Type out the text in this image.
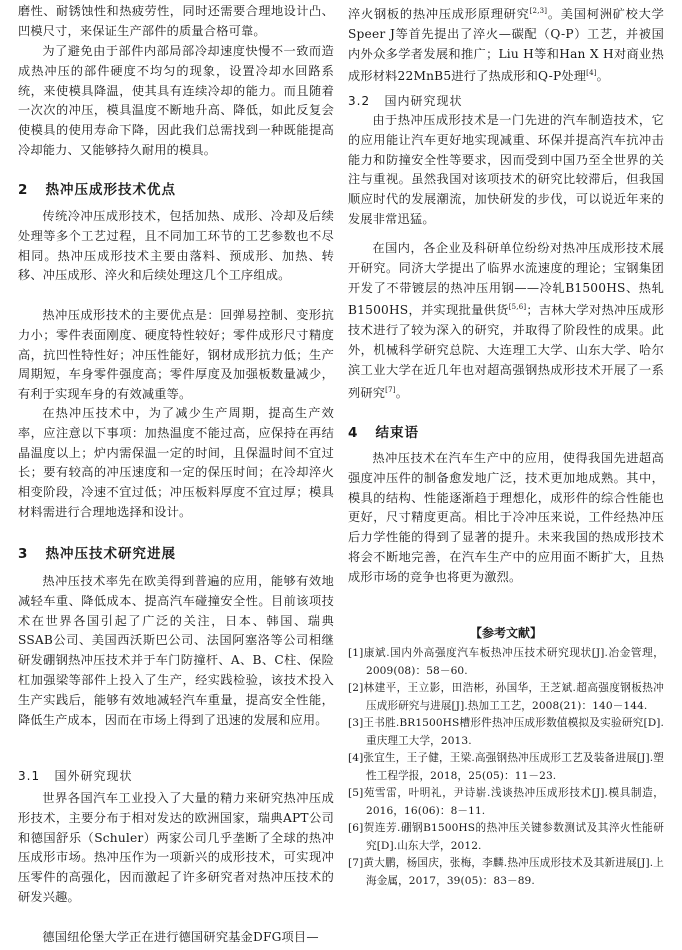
磨性、耐锈蚀性和热疲劳性，同时还需要合理地设计凸、凹模尺寸，来保证生产部件的质量合格可靠。

为了避免由于部件内部局部冷却速度快慢不一致而造成热冲压的部件硬度不均匀的现象，设置冷却水回路系统，来使模具降温，使其具有连续冷却的能力。而且随着一次次的冲压，模具温度不断地升高、降低，如此反复会使模具的使用寿命下降，因此我们总需找到一种既能提高冷却能力、又能够持久耐用的模具。

2 热冲压成形技术优点

传统冷冲压成形技术，包括加热、成形、冷却及后续处理等多个工艺过程，且不同加工环节的工艺参数也不尽相同。热冲压成形技术主要由落料、预成形、加热、转移、冲压成形、淬火和后续处理这几个工序组成。

热冲压成形技术的主要优点是：回弹易控制、变形抗力小；零件表面刚度、硬度特性较好；零件成形尺寸精度高，抗凹性特性好；冲压性能好，钢材成形抗力低；生产周期短，车身零件强度高；零件厚度及加强板数量减少，有利于实现车身的有效减重等。

在热冲压技术中，为了减少生产周期，提高生产效率，应注意以下事项：加热温度不能过高，应保持在再结晶温度以上；炉内需保温一定的时间，且保温时间不宜过长；要有较高的冲压速度和一定的保压时间；在冷却淬火相变阶段，冷速不宜过低；冲压板料厚度不宜过厚；模具材料需进行合理地选择和设计。

3 热冲压技术研究进展

热冲压技术率先在欧美得到普遍的应用，能够有效地减轻车重、降低成本、提高汽车碰撞安全性。目前该项技术在世界各国引起了广泛的关注，日本、韩国、瑞典SSAB公司、美国西沃斯巴公司、法国阿塞洛等公司相继研发硼钢热冲压技术并于车门防撞杆、A、B、C柱、保险杠加强梁等部件上投入了生产，经实践检验，该技术投入生产实践后，能够有效地减轻汽车重量，提高安全性能，降低生产成本，因而在市场上得到了迅速的发展和应用。

3.1 国外研究现状

世界各国汽车工业投入了大量的精力来研究热冲压成形技术，主要分布于相对发达的欧洲国家，瑞典APT公司和德国舒乐（Schuler）两家公司几乎垄断了全球的热冲压成形市场。热冲压作为一项新兴的成形技术，可实现冲压零件的高强化，因而激起了许多研究者对热冲压技术的研发兴趣。

德国纽伦堡大学正在进行德国研究基金DFG项目—

淬火钢板的热冲压成形原理研究[2,3]。美国柯洲矿校大学Speer J等首先提出了淬火—碳配（Q-P）工艺，并被国内外众多学者发展和推广；Liu H等和Han X H对商业热成形材料22MnB5进行了热成形和Q-P处理[4]。

3.2 国内研究现状

由于热冲压成形技术是一门先进的汽车制造技术，它的应用能让汽车更好地实现减重、环保并提高汽车抗冲击能力和防撞安全性等要求，因而受到中国乃至全世界的关注与重视。虽然我国对该项技术的研究比较滞后，但我国顺应时代的发展潮流，加快研发的步伐，可以说近年来的发展非常迅猛。

在国内，各企业及科研单位纷纷对热冲压成形技术展开研究。同济大学提出了临界水流速度的理论；宝钢集团开发了不带镀层的热冲压用钢——冷轧B1500HS、热轧B1500HS，并实现批量供货[5,6]；吉林大学对热冲压成形技术进行了较为深入的研究，并取得了阶段性的成果。此外，机械科学研究总院、大连理工大学、山东大学、哈尔滨工业大学在近几年也对超高强钢热成形技术开展了一系列研究[7]。

4 结束语

热冲压技术在汽车生产中的应用，使得我国先进超高强度冲压件的制备愈发地广泛，技术更加地成熟。其中，模具的结构、性能逐渐趋于理想化，成形件的综合性能也更好，尺寸精度更高。相比于冷冲压来说，工件经热冲压后力学性能的得到了显著的提升。未来我国的热成形技术将会不断地完善，在汽车生产中的应用面不断扩大，且热成形市场的竞争也将更为激烈。

【参考文献】
[1]康斌.国内外高强度汽车板热冲压技术研究现状[J].冶金管理，2009(08)：58－60.
[2]林建平，王立影，田浩彬，孙国华，王芝斌.超高强度钢板热冲压成形研究与进展[J].热加工工艺，2008(21)：140－144.
[3]王书胜.BR1500HS槽形件热冲压成形数值模拟及实验研究[D].重庆理工大学，2013.
[4]张宜生，王子健，王梁.高强钢热冲压成形工艺及装备进展[J].塑性工程学报，2018，25(05)：11－23.
[5]苑雪雷，叶明礼，尹诗崭.浅谈热冲压成形技术[J].模具制造，2016，16(06)：8－11.
[6]贺连芳.硼钢B1500HS的热冲压关键参数测试及其淬火性能研究[D].山东大学，2012.
[7]黄大鹏，杨国庆，张梅，李麟.热冲压成形技术及其新进展[J].上海金属，2017，39(05)：83－89.
